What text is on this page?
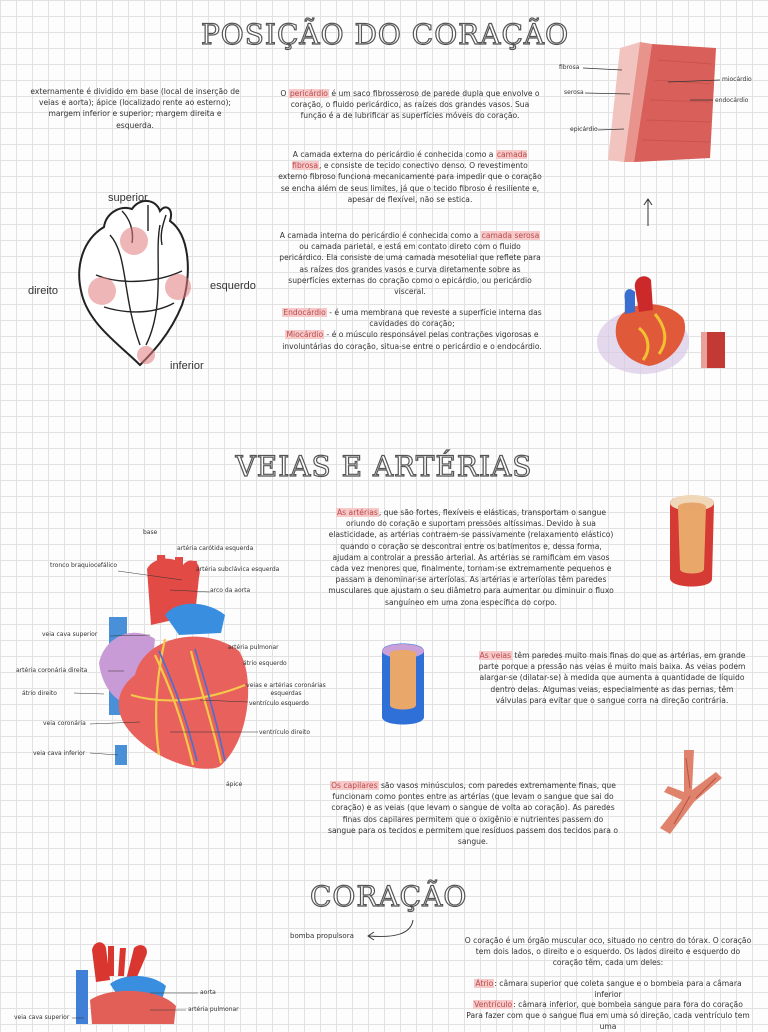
POSIÇÃO DO CORAÇÃO
externamente é dividido em base (local de inserção de veias e aorta); ápice (localizado rente ao esterno); margem inferior e superior; margem direita e esquerda.
superior
inferior
direito	esquerdo
O pericárdio é um saco fibrosseroso de parede dupla que envolve o coração, o fluido pericárdico, as raízes dos grandes vasos. Sua função é a de lubrificar as superfícies móveis do coração.
A camada externa do pericárdio é conhecida como a camada fibrosa, e consiste de tecido conectivo denso. O revestimento externo fibroso funciona mecanicamente para impedir que o coração se encha além de seus limites, já que o tecido fibroso é resiliente e, apesar de flexível, não se estica.
A camada interna do pericárdio é conhecida como a camada serosa ou camada parietal, e está em contato direto com o fluido pericárdico. Ela consiste de uma camada mesotelial que reflete para as raízes dos grandes vasos e curva diretamente sobre as superfícies externas do coração como o epicárdio, ou pericárdio visceral.
Endocárdio - é uma membrana que reveste a superfície interna das cavidades do coração;
Miocárdio - é o músculo responsável pelas contrações vigorosas e involuntárias do coração, situa-se entre o pericárdio e o endocárdio.
fibrosa
serosa
epicárdio
miocárdio
endocárdio
VEIAS E ARTÉRIAS
base
artéria carótida esquerda
tronco braquiocefálico
artéria subclávica esquerda
arco da aorta
veia cava superior
artéria pulmonar
artéria coronária direita
átrio esquerdo
átrio direito
veias e artérias coronárias esquerdas
ventrículo esquerdo
veia coronária
ventrículo direito
veia cava inferior
ápice
As artérias, que são fortes, flexíveis e elásticas, transportam o sangue oriundo do coração e suportam pressões altíssimas. Devido à sua elasticidade, as artérias contraem-se passivamente (relaxamento elástico) quando o coração se descontrai entre os batimentos e, dessa forma, ajudam a controlar a pressão arterial. As artérias se ramificam em vasos cada vez menores que, finalmente, tornam-se extremamente pequenos e passam a denominar-se arteríolas. As artérias e arteríolas têm paredes musculares que ajustam o seu diâmetro para aumentar ou diminuir o fluxo sanguíneo em uma zona específica do corpo.
As veias têm paredes muito mais finas do que as artérias, em grande parte porque a pressão nas veias é muito mais baixa. As veias podem alargar-se (dilatar-se) à medida que aumenta a quantidade de líquido dentro delas. Algumas veias, especialmente as das pernas, têm válvulas para evitar que o sangue corra na direção contrária.
Os capilares são vasos minúsculos, com paredes extremamente finas, que funcionam como pontes entre as artérias (que levam o sangue que sai do coração) e as veias (que levam o sangue de volta ao coração). As paredes finas dos capilares permitem que o oxigênio e nutrientes passem do sangue para os tecidos e permitem que resíduos passem dos tecidos para o sangue.
CORAÇÃO
bomba propulsora	O coração é um órgão muscular oco, situado no centro do tórax. O coração tem dois lados, o direito e o esquerdo. Os lados direito e esquerdo do coração têm, cada um deles:
Átrio: câmara superior que coleta sangue e o bombeia para a câmara inferior
Ventrículo: câmara inferior, que bombeia sangue para fora do coração
Para fazer com que o sangue flua em uma só direção, cada ventrículo tem uma
aorta
artéria pulmonar
veia cava superior
